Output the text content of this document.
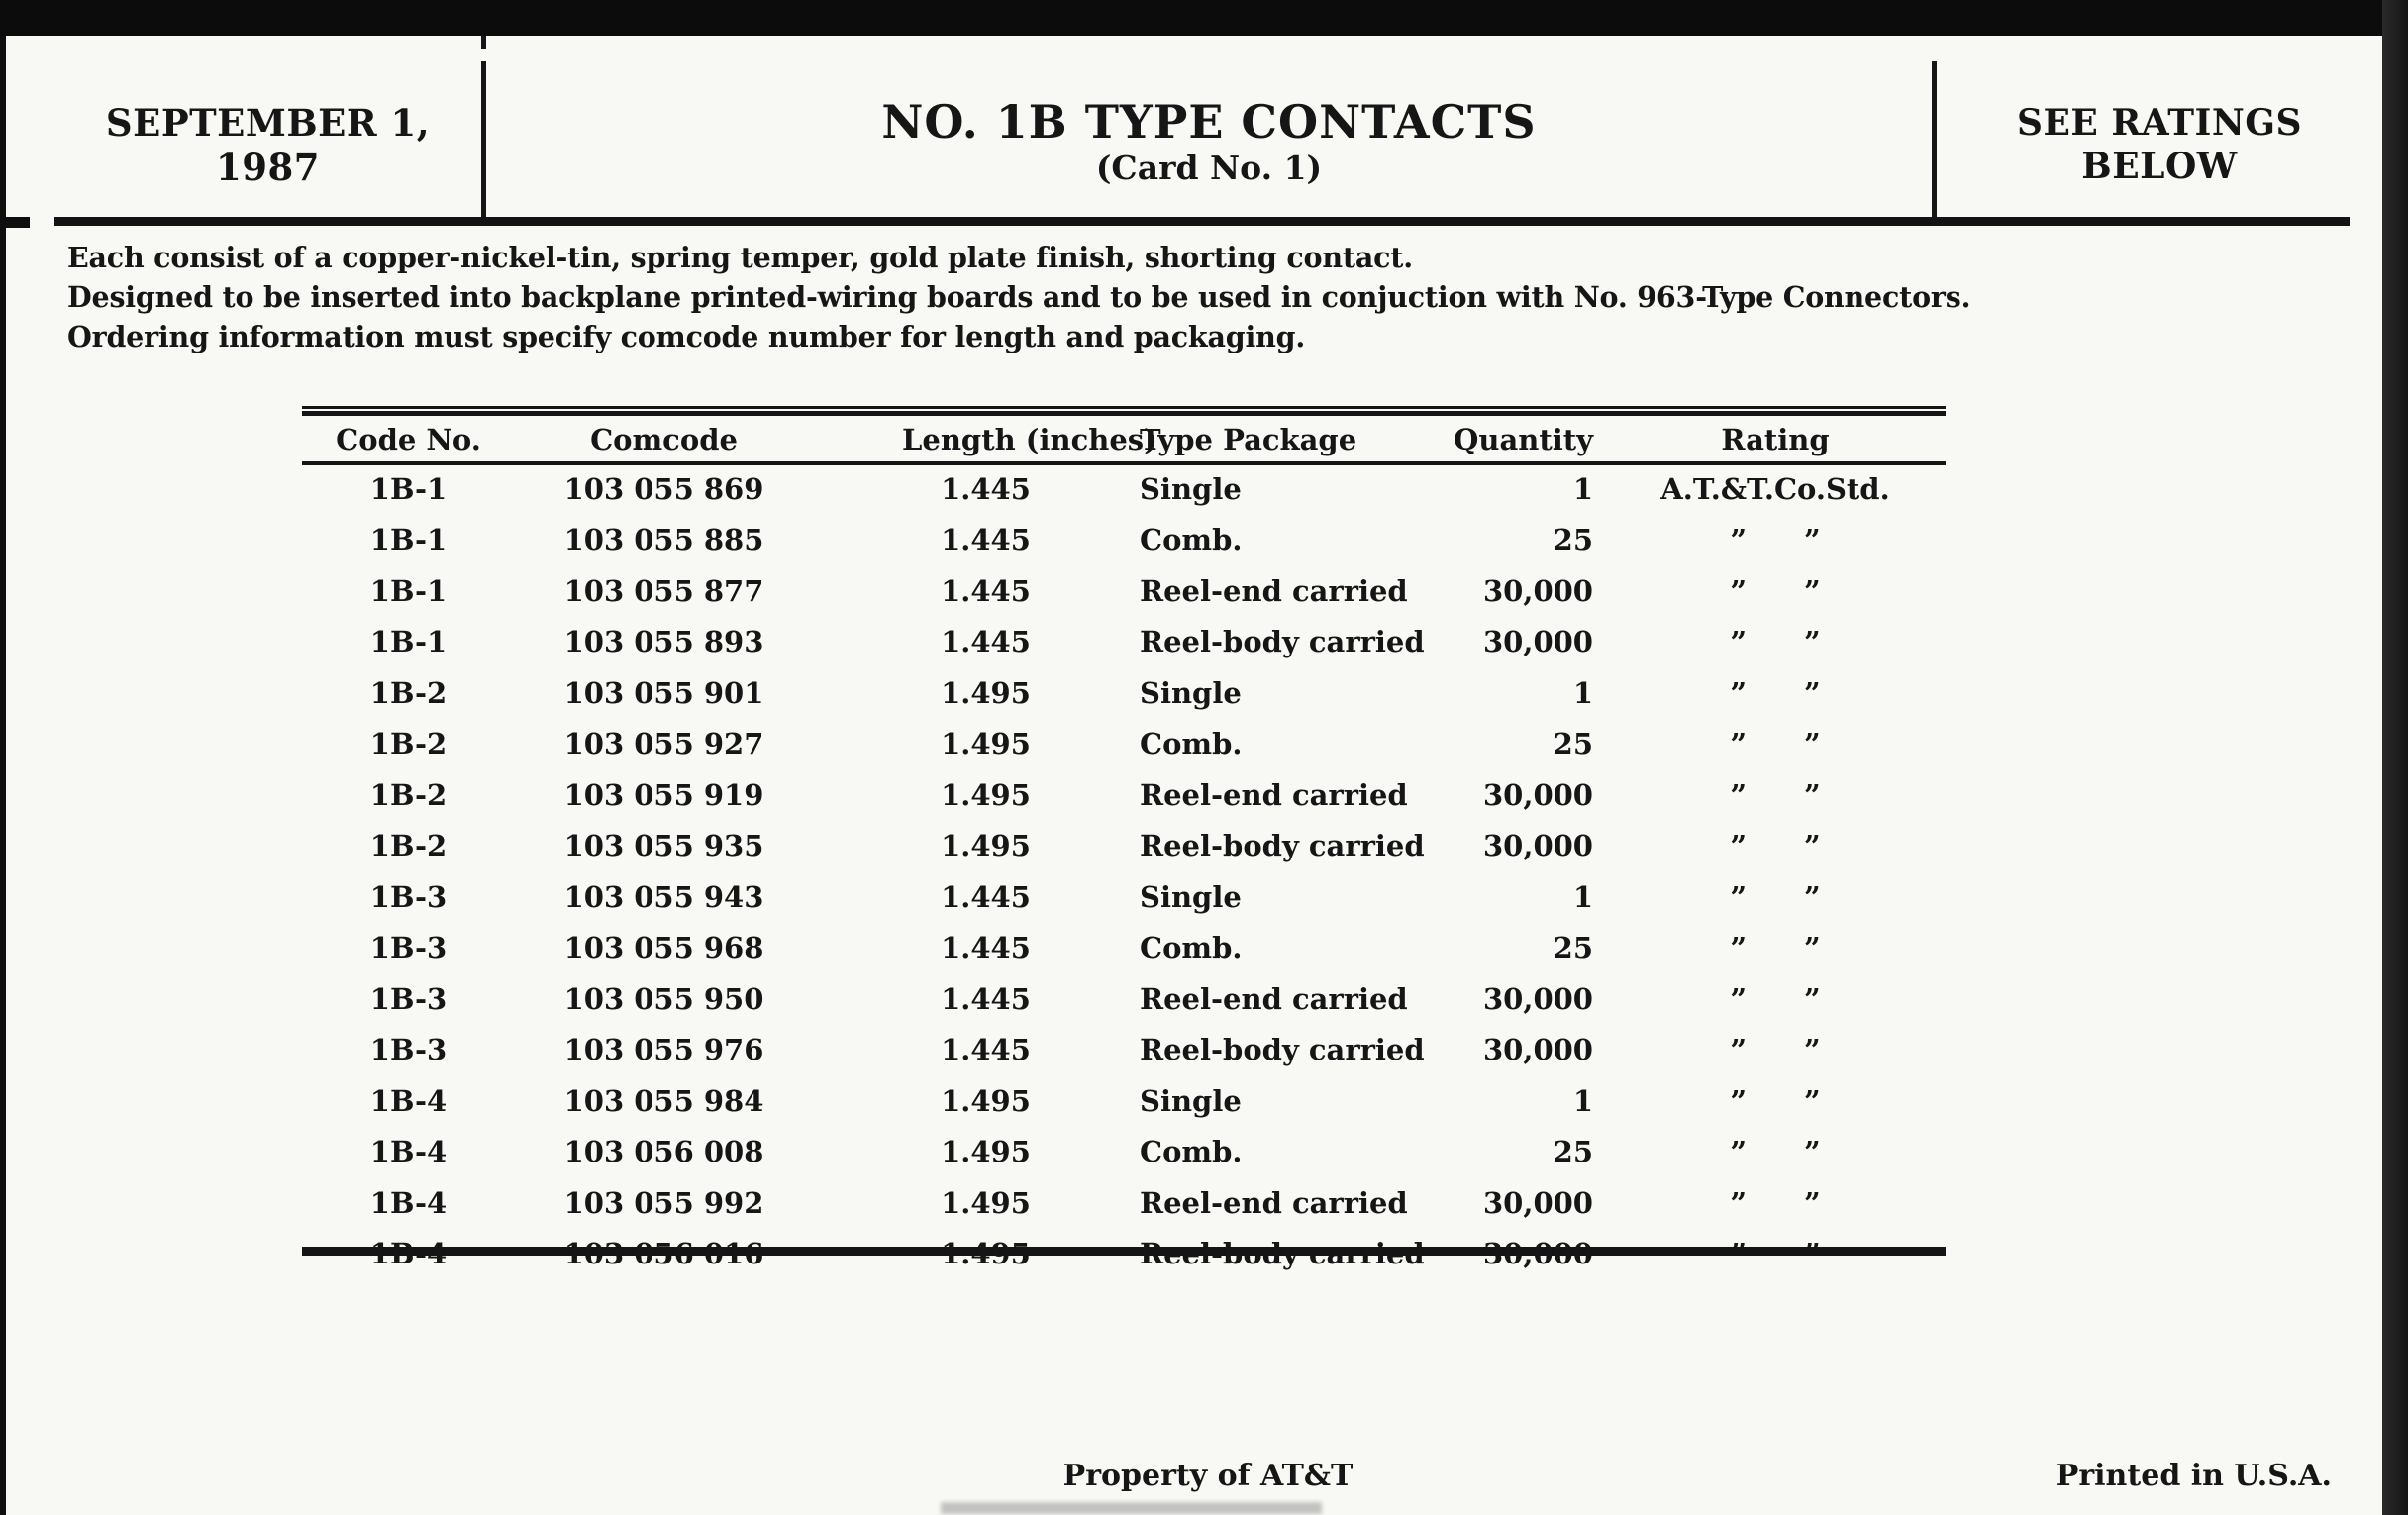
SEPTEMBER 1,
1987
NO. 1B TYPE CONTACTS
(Card No. 1)
SEE RATINGS
BELOW
Each consist of a copper-nickel-tin, spring temper, gold plate finish, shorting contact.
Designed to be inserted into backplane printed-wiring boards and to be used in conjuction with No. 963-Type Connectors.
Ordering information must specify comcode number for length and packaging.
Code No.	Comcode	Length (inches)	Type Package	Quantity	Rating
1B-1	103 055 869	1.445	Single	1	A.T.&T.Co.Std.
1B-1	103 055 885	1.445	Comb.	25	”  ”
1B-1	103 055 877	1.445	Reel-end carried	30,000	”  ”
1B-1	103 055 893	1.445	Reel-body carried	30,000	”  ”
1B-2	103 055 901	1.495	Single	1	”  ”
1B-2	103 055 927	1.495	Comb.	25	”  ”
1B-2	103 055 919	1.495	Reel-end carried	30,000	”  ”
1B-2	103 055 935	1.495	Reel-body carried	30,000	”  ”
1B-3	103 055 943	1.445	Single	1	”  ”
1B-3	103 055 968	1.445	Comb.	25	”  ”
1B-3	103 055 950	1.445	Reel-end carried	30,000	”  ”
1B-3	103 055 976	1.445	Reel-body carried	30,000	”  ”
1B-4	103 055 984	1.495	Single	1	”  ”
1B-4	103 056 008	1.495	Comb.	25	”  ”
1B-4	103 055 992	1.495	Reel-end carried	30,000	”  ”
1B-4	103 056 016	1.495	Reel-body carried	30,000	”  ”
Property of AT&T	Printed in U.S.A.
